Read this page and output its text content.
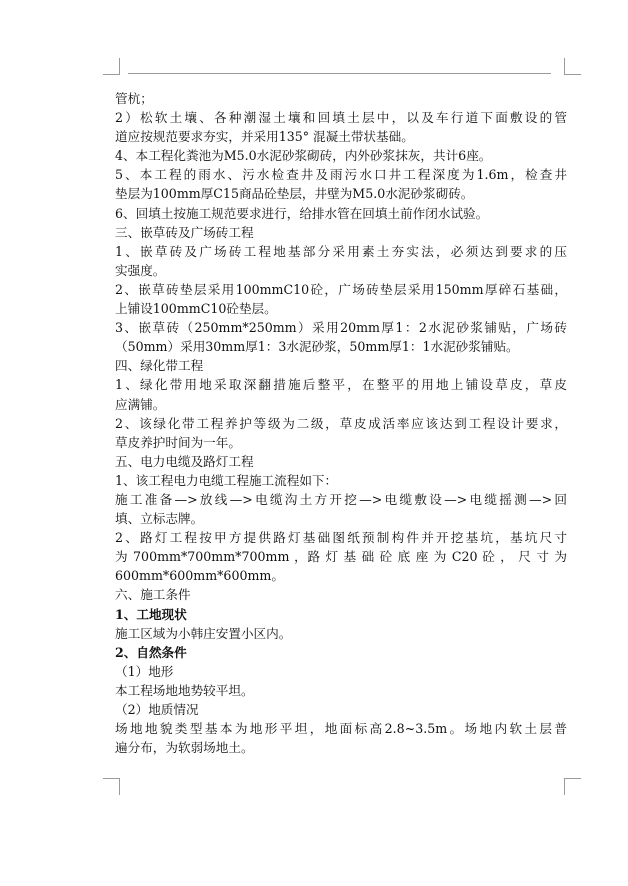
管杭；
2）松软土壤、各种潮湿土壤和回填土层中，以及车行道下面敷设的管
道应按规范要求夯实，并采用135° 混凝土带状基础。
4、本工程化粪池为M5.0水泥砂浆砌砖，内外砂浆抹灰，共计6座。
5、本工程的雨水、污水检查井及雨污水口井工程深度为1.6m，检查井
垫层为100mm厚C15商品砼垫层，井壁为M5.0水泥砂浆砌砖。
6、回填土按施工规范要求进行，给排水管在回填土前作闭水试验。
三、嵌草砖及广场砖工程
1、嵌草砖及广场砖工程地基部分采用素土夯实法，必须达到要求的压
实强度。
2、嵌草砖垫层采用100mmC10砼，广场砖垫层采用150mm厚碎石基础，
上铺设100mmC10砼垫层。
3、嵌草砖（250mm*250mm）采用20mm厚1：2水泥砂浆铺贴，广场砖
（50mm）采用30mm厚1：3水泥砂浆，50mm厚1：1水泥砂浆铺贴。
四、绿化带工程
1、绿化带用地采取深翻措施后整平，在整平的用地上铺设草皮，草皮
应满铺。
2、该绿化带工程养护等级为二级，草皮成活率应该达到工程设计要求，
草皮养护时间为一年。
五、电力电缆及路灯工程
1、该工程电力电缆工程施工流程如下：
施工准备—>放线—>电缆沟土方开挖—>电缆敷设—>电缆摇测—>回
填、立标志牌。
2、路灯工程按甲方提供路灯基础图纸预制构件并开挖基坑，基坑尺寸
为 700mm*700mm*700mm ，路 灯 基 础 砼 底 座 为 C20 砼 ， 尺 寸 为
600mm*600mm*600mm。
六、施工条件
1、工地现状
施工区域为小韩庄安置小区内。
2、自然条件
（1）地形
本工程场地地势较平坦。
（2）地质情况
场地地貌类型基本为地形平坦，地面标高2.8~3.5m。场地内软土层普
遍分布，为软弱场地土。
